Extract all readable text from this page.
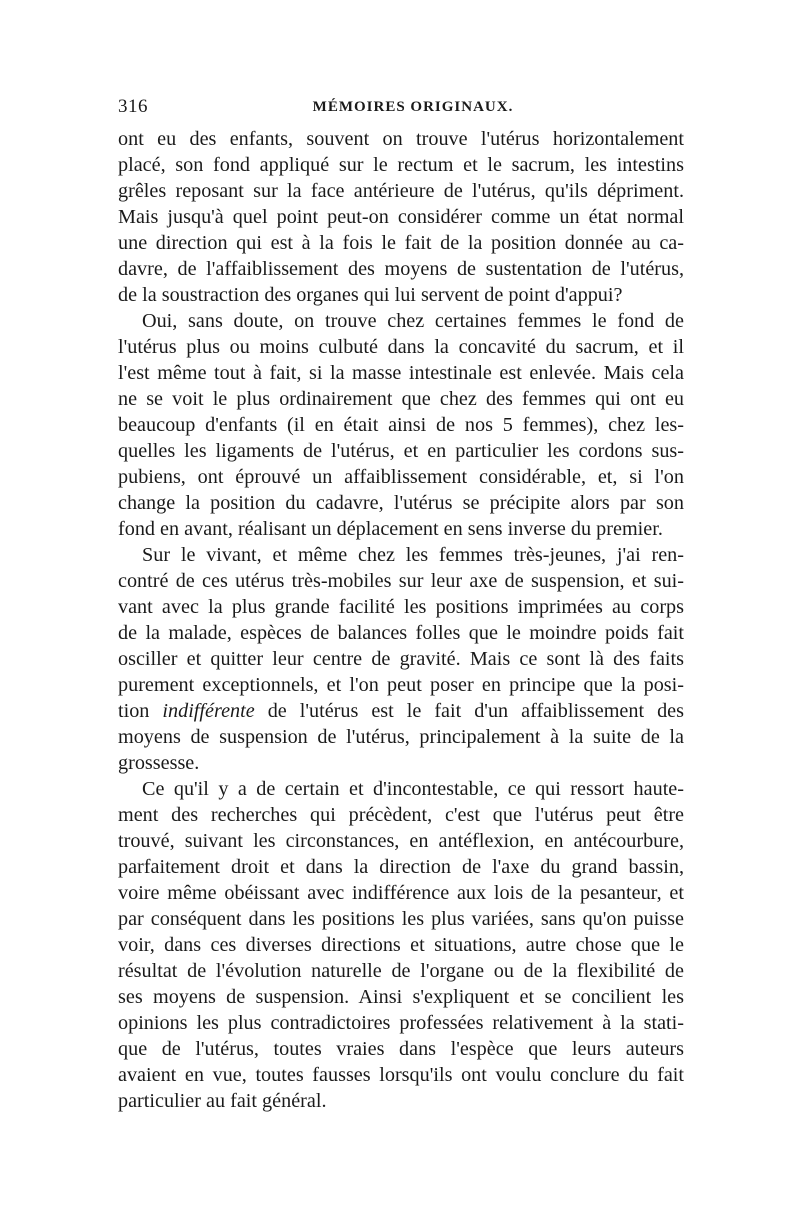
316	MÉMOIRES ORIGINAUX.
ont eu des enfants, souvent on trouve l'utérus horizontalement
placé, son fond appliqué sur le rectum et le sacrum, les intestins
grêles reposant sur la face antérieure de l'utérus, qu'ils dépriment.
Mais jusqu'à quel point peut-on considérer comme un état normal
une direction qui est à la fois le fait de la position donnée au ca-
davre, de l'affaiblissement des moyens de sustentation de l'utérus,
de la soustraction des organes qui lui servent de point d'appui?
Oui, sans doute, on trouve chez certaines femmes le fond de
l'utérus plus ou moins culbuté dans la concavité du sacrum, et il
l'est même tout à fait, si la masse intestinale est enlevée. Mais cela
ne se voit le plus ordinairement que chez des femmes qui ont eu
beaucoup d'enfants (il en était ainsi de nos 5 femmes), chez les-
quelles les ligaments de l'utérus, et en particulier les cordons sus-
pubiens, ont éprouvé un affaiblissement considérable, et, si l'on
change la position du cadavre, l'utérus se précipite alors par son
fond en avant, réalisant un déplacement en sens inverse du premier.
Sur le vivant, et même chez les femmes très-jeunes, j'ai ren-
contré de ces utérus très-mobiles sur leur axe de suspension, et sui-
vant avec la plus grande facilité les positions imprimées au corps
de la malade, espèces de balances folles que le moindre poids fait
osciller et quitter leur centre de gravité. Mais ce sont là des faits
purement exceptionnels, et l'on peut poser en principe que la posi-
tion indifférente de l'utérus est le fait d'un affaiblissement des
moyens de suspension de l'utérus, principalement à la suite de la
grossesse.
Ce qu'il y a de certain et d'incontestable, ce qui ressort haute-
ment des recherches qui précèdent, c'est que l'utérus peut être
trouvé, suivant les circonstances, en antéflexion, en antécourbure,
parfaitement droit et dans la direction de l'axe du grand bassin,
voire même obéissant avec indifférence aux lois de la pesanteur, et
par conséquent dans les positions les plus variées, sans qu'on puisse
voir, dans ces diverses directions et situations, autre chose que le
résultat de l'évolution naturelle de l'organe ou de la flexibilité de
ses moyens de suspension. Ainsi s'expliquent et se concilient les
opinions les plus contradictoires professées relativement à la stati-
que de l'utérus, toutes vraies dans l'espèce que leurs auteurs
avaient en vue, toutes fausses lorsqu'ils ont voulu conclure du fait
particulier au fait général.
